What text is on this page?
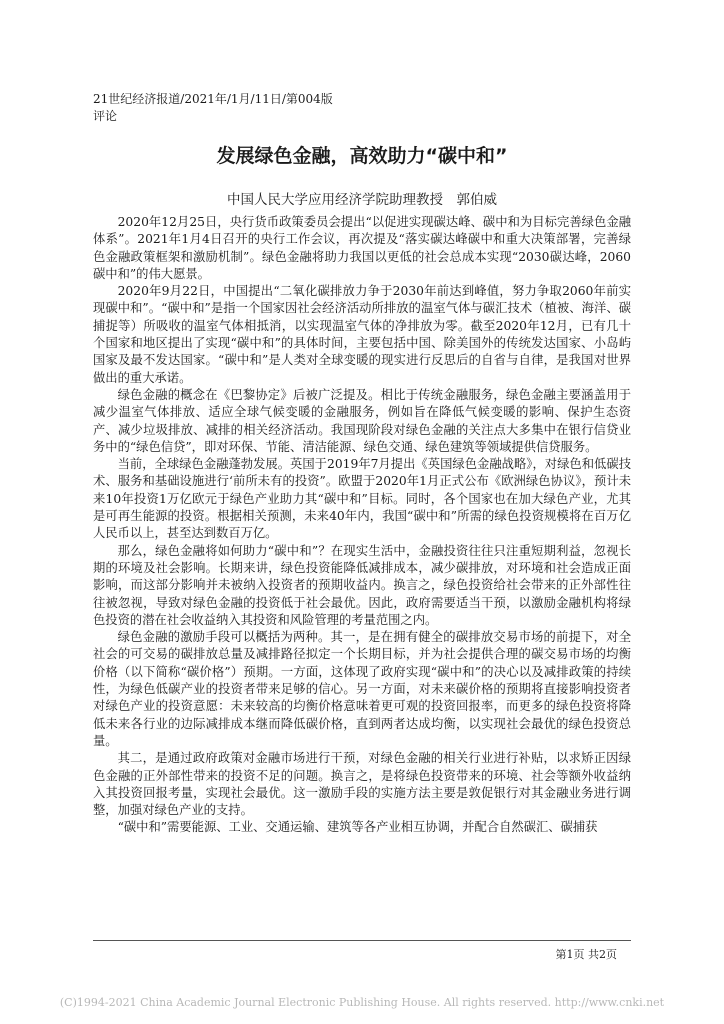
21世纪经济报道/2021年/1月/11日/第004版
评论
发展绿色金融，高效助力“碳中和”
中国人民大学应用经济学院助理教授　郭伯威

2020年12月25日，央行货币政策委员会提出“以促进实现碳达峰、碳中和为目标完善绿色金融体系”。2021年1月4日召开的央行工作会议，再次提及“落实碳达峰碳中和重大决策部署，完善绿色金融政策框架和激励机制”。绿色金融将助力我国以更低的社会总成本实现“2030碳达峰，2060碳中和”的伟大愿景。

2020年9月22日，中国提出“二氧化碳排放力争于2030年前达到峰值，努力争取2060年前实现碳中和”。“碳中和”是指一个国家因社会经济活动所排放的温室气体与碳汇技术（植被、海洋、碳捕捉等）所吸收的温室气体相抵消，以实现温室气体的净排放为零。截至2020年12月，已有几十个国家和地区提出了实现“碳中和”的具体时间，主要包括中国、除美国外的传统发达国家、小岛屿国家及最不发达国家。“碳中和”是人类对全球变暖的现实进行反思后的自省与自律，是我国对世界做出的重大承诺。

绿色金融的概念在《巴黎协定》后被广泛提及。相比于传统金融服务，绿色金融主要涵盖用于减少温室气体排放、适应全球气候变暖的金融服务，例如旨在降低气候变暖的影响、保护生态资产、减少垃圾排放、减排的相关经济活动。我国现阶段对绿色金融的关注点大多集中在银行信贷业务中的“绿色信贷”，即对环保、节能、清洁能源、绿色交通、绿色建筑等领域提供信贷服务。

当前，全球绿色金融蓬勃发展。英国于2019年7月提出《英国绿色金融战略》，对绿色和低碳技术、服务和基础设施进行‘前所未有的投资”。欧盟于2020年1月正式公布《欧洲绿色协议》，预计未来10年投资1万亿欧元于绿色产业助力其“碳中和”目标。同时，各个国家也在加大绿色产业，尤其是可再生能源的投资。根据相关预测，未来40年内，我国“碳中和”所需的绿色投资规模将在百万亿人民币以上，甚至达到数百万亿。

那么，绿色金融将如何助力“碳中和”？在现实生活中，金融投资往往只注重短期利益，忽视长期的环境及社会影响。长期来讲，绿色投资能降低减排成本，减少碳排放，对环境和社会造成正面影响，而这部分影响并未被纳入投资者的预期收益内。换言之，绿色投资给社会带来的正外部性往往被忽视，导致对绿色金融的投资低于社会最优。因此，政府需要适当干预，以激励金融机构将绿色投资的潜在社会收益纳入其投资和风险管理的考量范围之内。

绿色金融的激励手段可以概括为两种。其一，是在拥有健全的碳排放交易市场的前提下，对全社会的可交易的碳排放总量及减排路径拟定一个长期目标，并为社会提供合理的碳交易市场的均衡价格（以下简称“碳价格”）预期。一方面，这体现了政府实现“碳中和”的决心以及减排政策的持续性，为绿色低碳产业的投资者带来足够的信心。另一方面，对未来碳价格的预期将直接影响投资者对绿色产业的投资意愿：未来较高的均衡价格意味着更可观的投资回报率，而更多的绿色投资将降低未来各行业的边际减排成本继而降低碳价格，直到两者达成均衡，以实现社会最优的绿色投资总量。

其二，是通过政府政策对金融市场进行干预，对绿色金融的相关行业进行补贴，以求矫正因绿色金融的正外部性带来的投资不足的问题。换言之，是将绿色投资带来的环境、社会等额外收益纳入其投资回报考量，实现社会最优。这一激励手段的实施方法主要是敦促银行对其金融业务进行调整，加强对绿色产业的支持。

“碳中和”需要能源、工业、交通运输、建筑等各产业相互协调，并配合自然碳汇、碳捕获

第1页 共2页
(C)1994-2021 China Academic Journal Electronic Publishing House. All rights reserved. http://www.cnki.net
